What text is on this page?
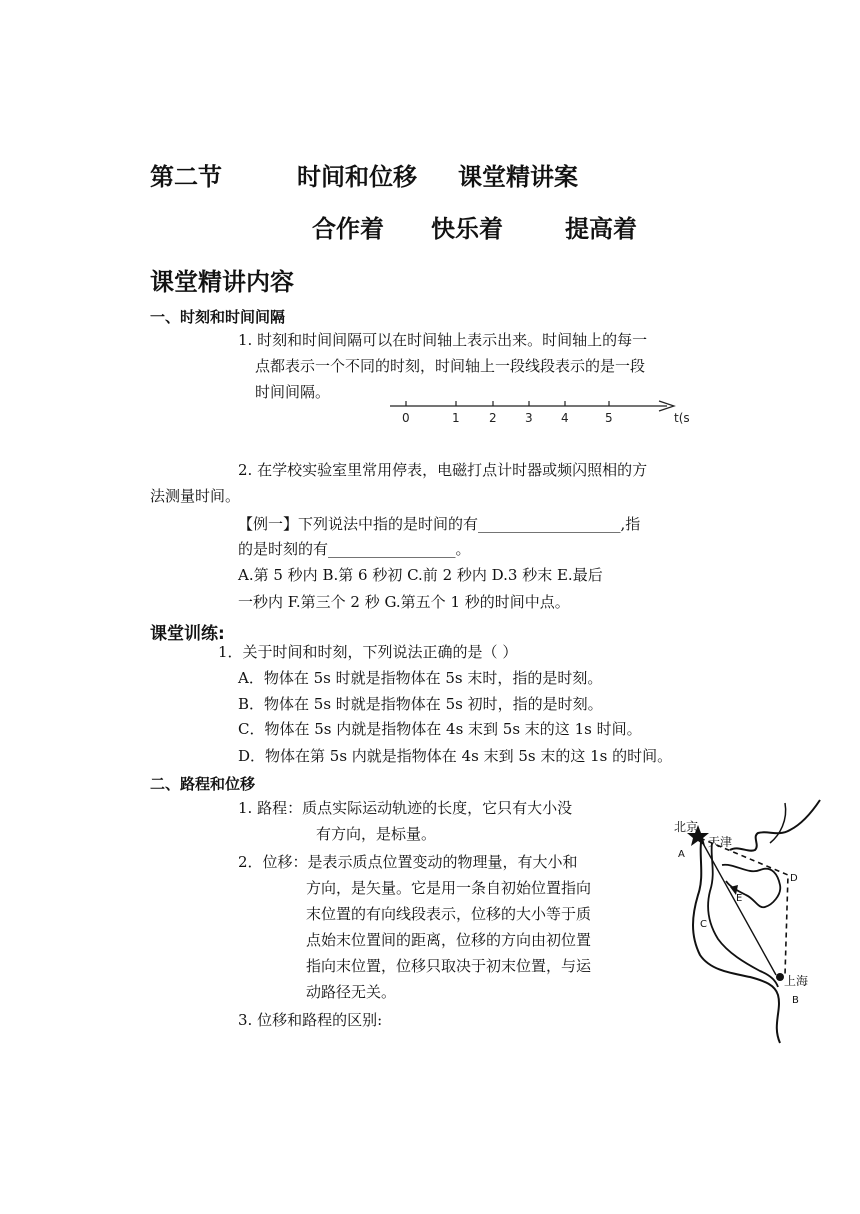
第二节	时间和位移 课堂精讲案
合作着 快乐着	提高着
课堂精讲内容
一、时刻和时间间隔
1. 时刻和时间间隔可以在时间轴上表示出来。时间轴上的每一
点都表示一个不同的时刻，时间轴上一段线段表示的是一段
时间间隔。
0	1 2 3 4	5	t(s
2. 在学校实验室里常用停表，电磁打点计时器或频闪照相的方
法测量时间。
【例一】下列说法中指的是时间的有___________________,指
的是时刻的有_________________。
A.第 5 秒内 B.第 6 秒初 C.前 2 秒内 D.3 秒末 E.最后
一秒内 F.第三个 2 秒 G.第五个 1 秒的时间中点。
课堂训练:
1．关于时间和时刻，下列说法正确的是（ ）
A．物体在 5s 时就是指物体在 5s 末时，指的是时刻。
B．物体在 5s 时就是指物体在 5s 初时，指的是时刻。
C．物体在 5s 内就是指物体在 4s 末到 5s 末的这 1s 时间。
D．物体在第 5s 内就是指物体在 4s 末到 5s 末的这 1s 的时间。
二、路程和位移
1. 路程：质点实际运动轨迹的长度，它只有大小没
有方向，是标量。
2．位移：是表示质点位置变动的物理量，有大小和
方向，是矢量。它是用一条自初始位置指向
末位置的有向线段表示，位移的大小等于质
点始末位置间的距离，位移的方向由初位置
指向末位置，位移只取决于初末位置，与运
动路径无关。
3. 位移和路程的区别:
北京
天津
上海
A
B
C
D
E
